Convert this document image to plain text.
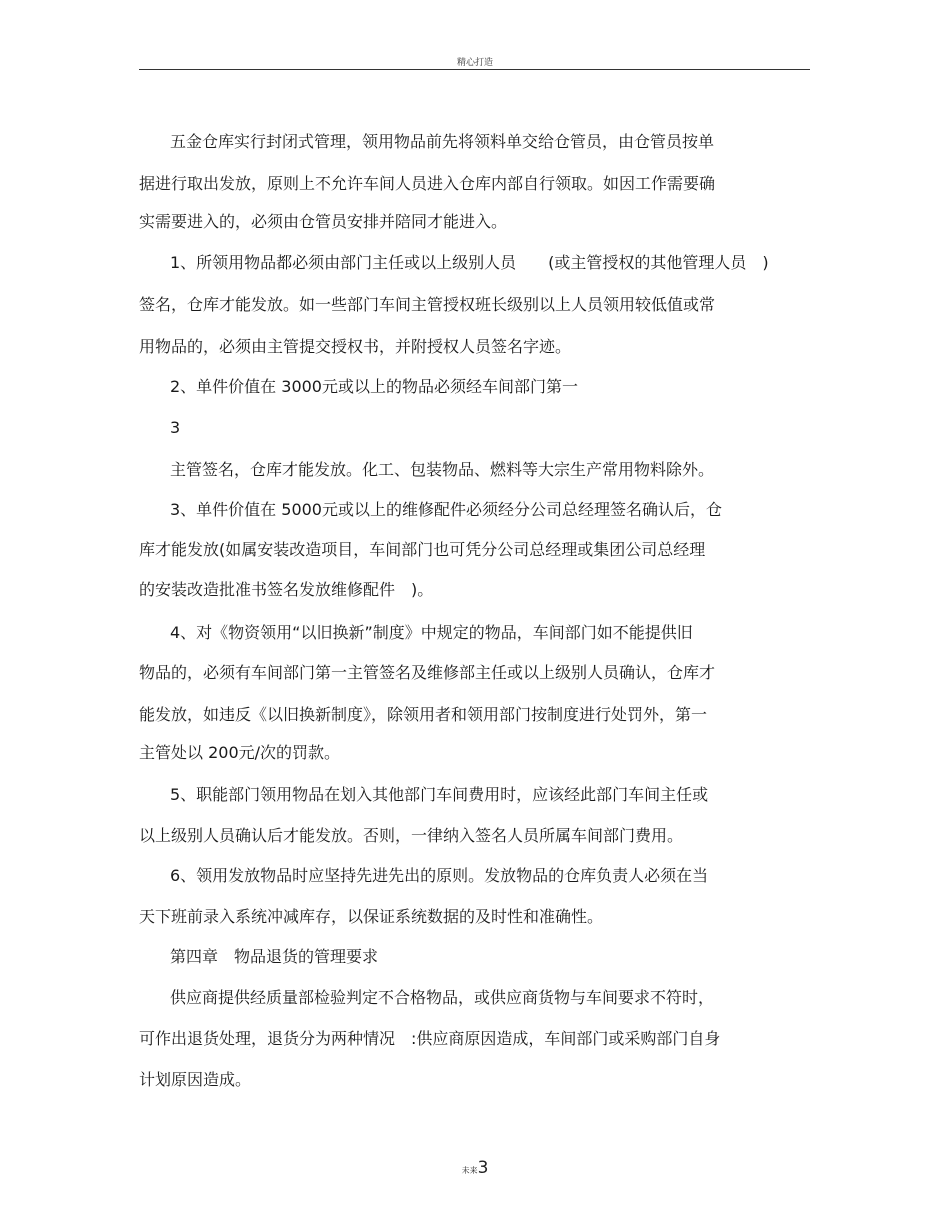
精心打造
五金仓库实行封闭式管理，领用物品前先将领料单交给仓管员，由仓管员按单
据进行取出发放，原则上不允许车间人员进入仓库内部自行领取。如因工作需要确
实需要进入的，必须由仓管员安排并陪同才能进入。
1、所领用物品都必须由部门主任或以上级别人员　　(或主管授权的其他管理人员　)
签名，仓库才能发放。如一些部门车间主管授权班长级别以上人员领用较低值或常
用物品的，必须由主管提交授权书，并附授权人员签名字迹。
2、单件价值在 3000元或以上的物品必须经车间部门第一
3
主管签名，仓库才能发放。化工、包装物品、燃料等大宗生产常用物料除外。
3、单件价值在 5000元或以上的维修配件必须经分公司总经理签名确认后，仓
库才能发放(如属安装改造项目，车间部门也可凭分公司总经理或集团公司总经理
的安装改造批准书签名发放维修配件　)。
4、对《物资领用“以旧换新”制度》中规定的物品，车间部门如不能提供旧
物品的，必须有车间部门第一主管签名及维修部主任或以上级别人员确认，仓库才
能发放，如违反《以旧换新制度》，除领用者和领用部门按制度进行处罚外，第一
主管处以 200元/次的罚款。
5、职能部门领用物品在划入其他部门车间费用时，应该经此部门车间主任或
以上级别人员确认后才能发放。否则，一律纳入签名人员所属车间部门费用。
6、领用发放物品时应坚持先进先出的原则。发放物品的仓库负责人必须在当
天下班前录入系统冲减库存，以保证系统数据的及时性和准确性。
第四章　物品退货的管理要求
供应商提供经质量部检验判定不合格物品，或供应商货物与车间要求不符时，
可作出退货处理，退货分为两种情况　:供应商原因造成，车间部门或采购部门自身
计划原因造成。
未来3
